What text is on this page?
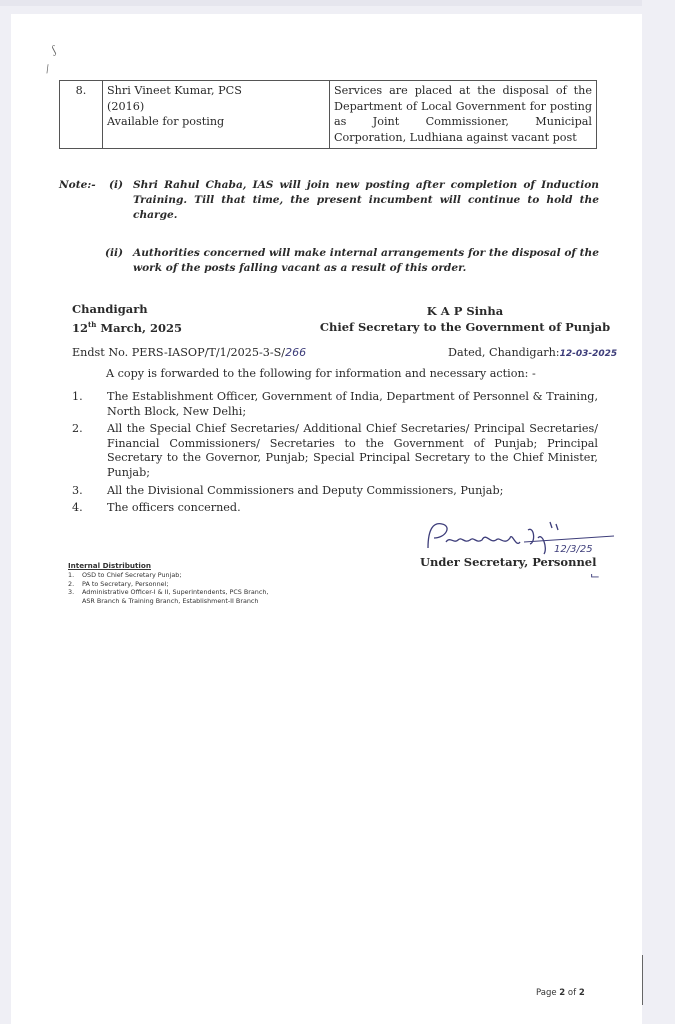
ʃ
/
8.	Shri Vineet Kumar, PCS
(2016)
Available for posting

Services are placed at the disposal of the
Department of Local Government for posting
as Joint Commissioner, Municipal
Corporation, Ludhiana against vacant post
Note:- (i) Shri Rahul Chaba, IAS will join new posting after completion of Induction Training. Till that time, the present incumbent will continue to hold the charge.
(ii) Authorities concerned will make internal arrangements for the disposal of the work of the posts falling vacant as a result of this order.
Chandigarh
12th March, 2025
K A P Sinha
Chief Secretary to the Government of Punjab
Endst No. PERS-IASOP/T/1/2025-3-S/266	Dated, Chandigarh:12-03-2025
A copy is forwarded to the following for information and necessary action: -
1. The Establishment Officer, Government of India, Department of Personnel & Training, North Block, New Delhi;
2. All the Special Chief Secretaries/ Additional Chief Secretaries/ Principal Secretaries/ Financial Commissioners/ Secretaries to the Government of Punjab; Principal Secretary to the Governor, Punjab; Special Principal Secretary to the Chief Minister, Punjab;
3. All the Divisional Commissioners and Deputy Commissioners, Punjab;
4. The officers concerned.
12/3/25
Under Secretary, Personnel
⌙
Internal Distribution
1. OSD to Chief Secretary Punjab;
2. PA to Secretary, Personnel;
3. Administrative Officer-I & II, Superintendents, PCS Branch,
ASR Branch & Training Branch, Establishment-II Branch
Page 2 of 2
